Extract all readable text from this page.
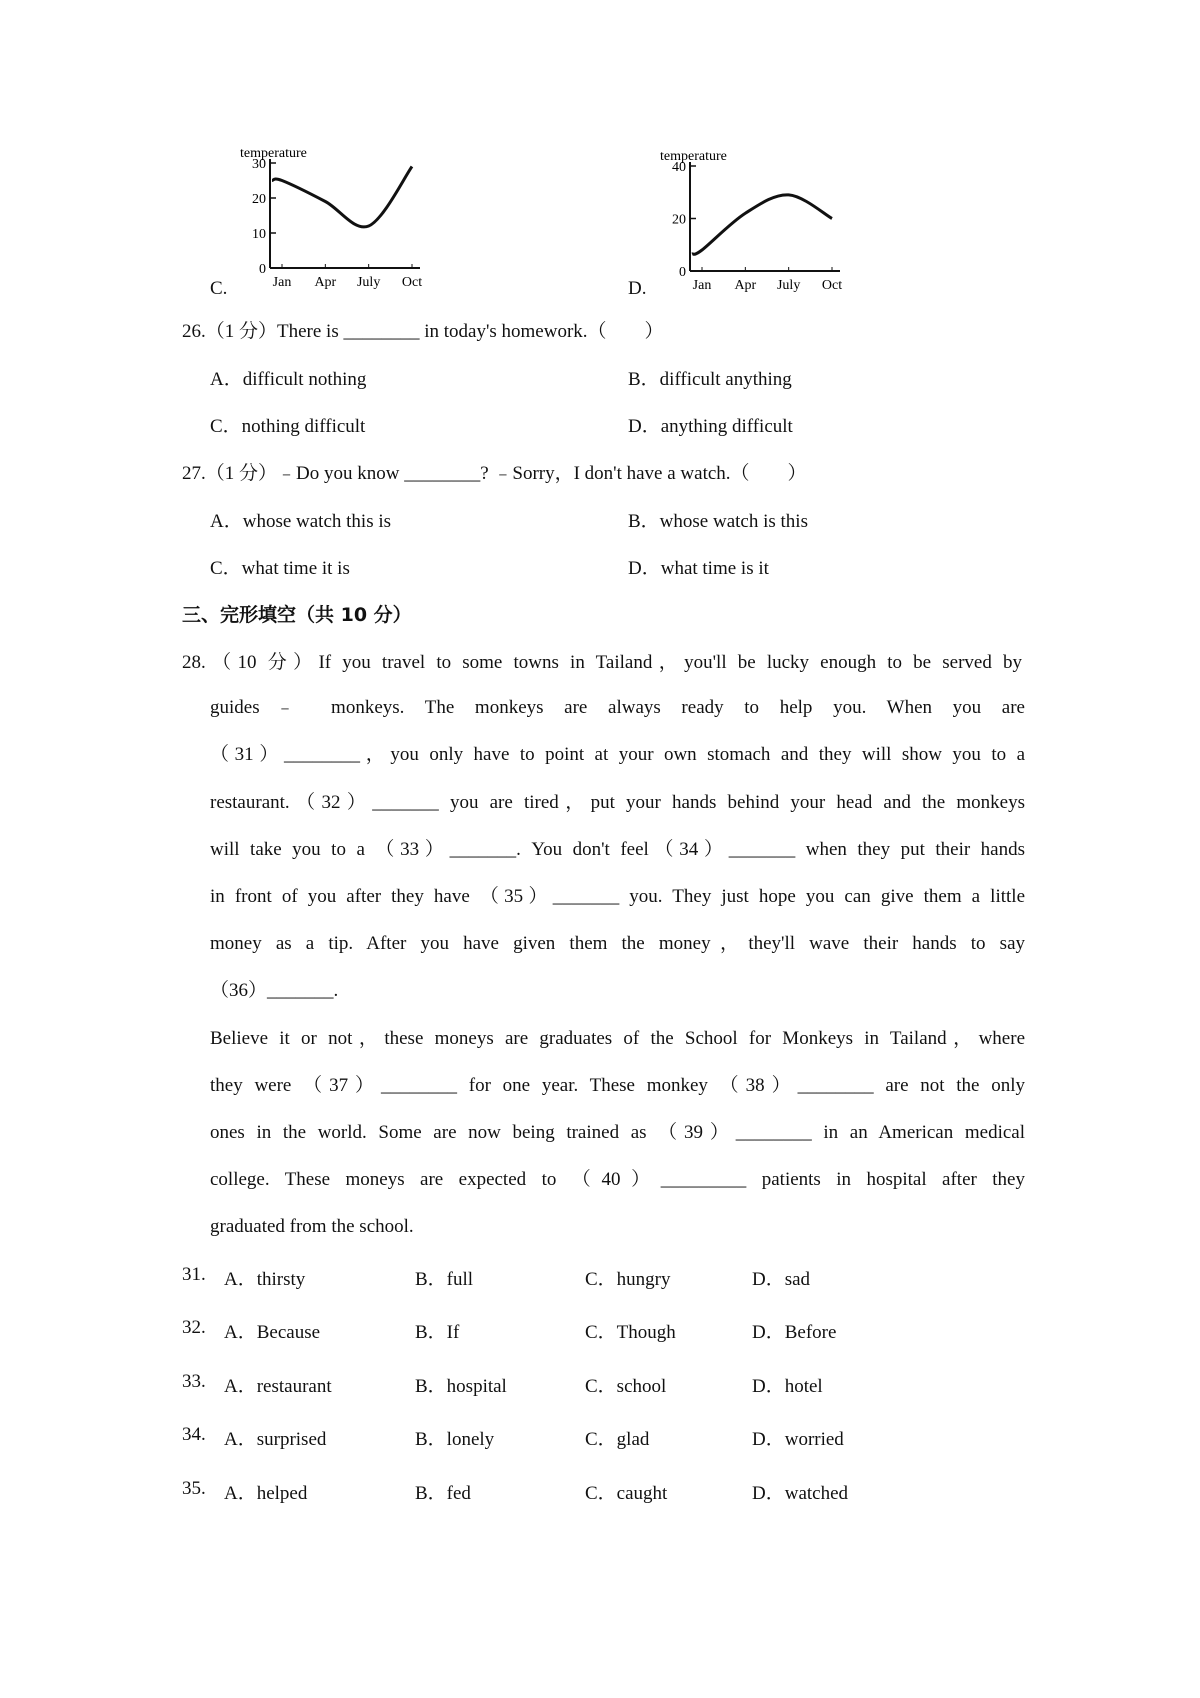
C.
temperature
30
20
10
0
Jan Apr July Oct	D.
temperature
40
20
0
Jan Apr July Oct
26.（1 分）There is ________ in today's homework.（　　）
A．difficult nothing	B．difficult anything
C．nothing difficult	D．anything difficult
27.（1 分）﹣Do you know ________? ﹣Sorry，I don't have a watch.（　　）
A．whose watch this is	B．whose watch is this
C．what time it is	D．what time is it
三、完形填空（共 10 分）
28.（10 分）If you travel to some towns in Tailand，you'll be lucky enough to be served by
guides﹣ monkeys. The monkeys are always ready to help you. When you are
（31）________，you only have to point at your own stomach and they will show you to a
restaurant.（32）_______ you are tired，put your hands behind your head and the monkeys
will take you to a （33）_______. You don't feel（34）_______ when they put their hands
in front of you after they have （35）_______ you. They just hope you can give them a little
money as a tip. After you have given them the money，they'll wave their hands to say
（36）_______.
Believe it or not，these moneys are graduates of the School for Monkeys in Tailand，where
they were （37）________ for one year. These monkey （38）________ are not the only
ones in the world. Some are now being trained as （39）________ in an American medical
college. These moneys are expected to （40）_________ patients in hospital after they
graduated from the school.
31. A．thirsty	B．full	C．hungry	D．sad
32. A．Because	B．If	C．Though	D．Before
33. A．restaurant	B．hospital	C．school	D．hotel
34. A．surprised	B．lonely	C．glad	D．worried
35. A．helped	B．fed	C．caught	D．watched
